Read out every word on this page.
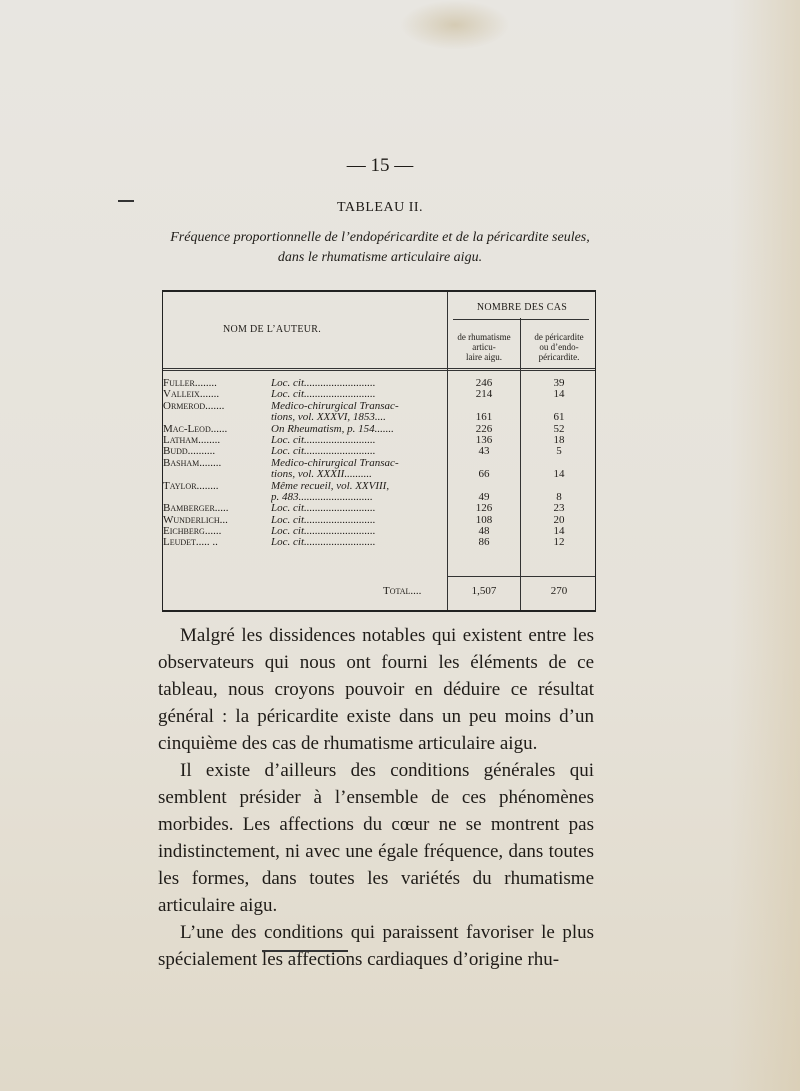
— 15 —
TABLEAU II.
Fréquence proportionnelle de l’endopéricardite et de la péricardite seules, dans le rhumatisme articulaire aigu.
NOM DE L’AUTEUR.
NOMBRE DES CAS
de rhumatisme
articu-
laire aigu.
de péricardite
ou d’endo-
péricardite.
Fuller........	Loc. cit..........................	246	39
Valleix.......	Loc. cit..........................	214	14
Ormerod.......	Medico-chirurgical Transac-
tions, vol. XXXVI, 1853....	161	61
Mac-Leod......	On Rheumatism, p. 154.......	226	52
Latham........	Loc. cit..........................	136	18
Budd..........	Loc. cit..........................	43	5
Basham........	Medico-chirurgical Transac-
tions, vol. XXXII..........	66	14
Taylor........	Même recueil, vol. XXVIII,
p. 483...........................	49	8
Bamberger.....	Loc. cit..........................	126	23
Wunderlich...	Loc. cit..........................	108	20
Eichberg......	Loc. cit..........................	48	14
Leudet..... ..	Loc. cit..........................	86	12
Total....	1,507	270

Malgré les dissidences notables qui existent entre les observateurs qui nous ont fourni les éléments de ce tableau, nous croyons pouvoir en déduire ce résultat général : la péricardite existe dans un peu moins d’un cinquième des cas de rhumatisme articulaire aigu.

Il existe d’ailleurs des conditions générales qui semblent présider à l’ensemble de ces phénomènes morbides. Les affections du cœur ne se montrent pas indistinctement, ni avec une égale fréquence, dans toutes les formes, dans toutes les variétés du rhumatisme articulaire aigu.

L’une des conditions qui paraissent favoriser le plus spécialement les affections cardiaques d’origine rhu-
